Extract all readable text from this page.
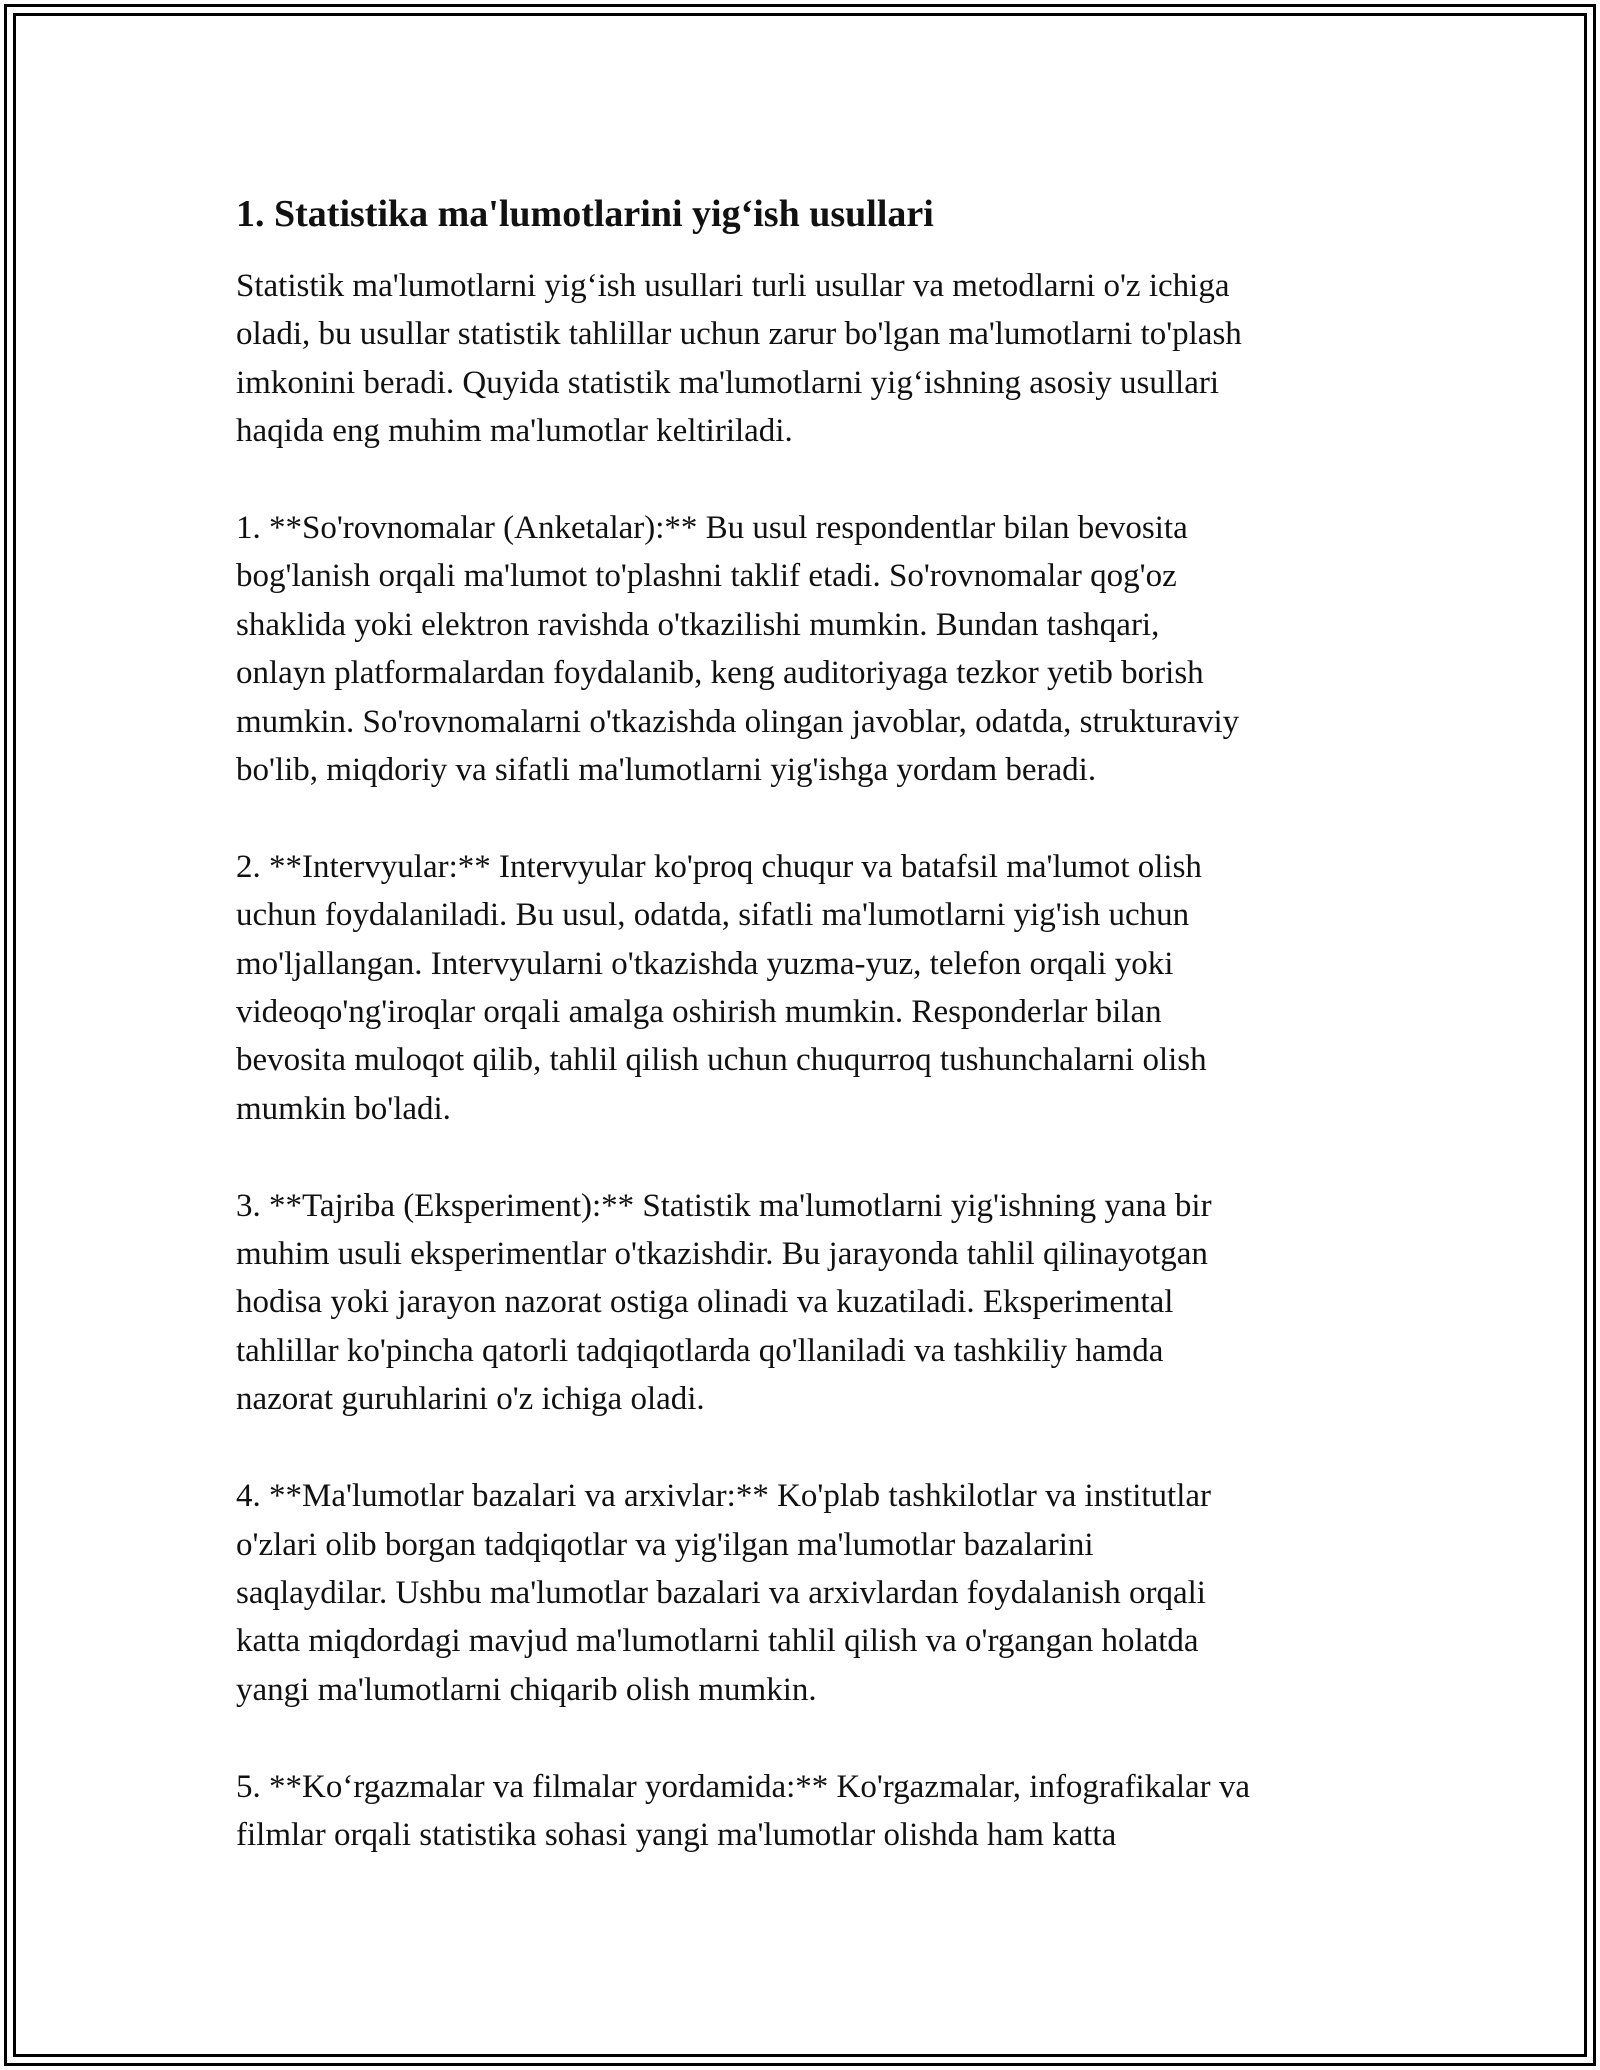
1. Statistika ma'lumotlarini yig‘ish usullari

Statistik ma'lumotlarni yig‘ish usullari turli usullar va metodlarni o'z ichiga
oladi, bu usullar statistik tahlillar uchun zarur bo'lgan ma'lumotlarni to'plash
imkonini beradi. Quyida statistik ma'lumotlarni yig‘ishning asosiy usullari
haqida eng muhim ma'lumotlar keltiriladi.

1. **So'rovnomalar (Anketalar):** Bu usul respondentlar bilan bevosita
bog'lanish orqali ma'lumot to'plashni taklif etadi. So'rovnomalar qog'oz
shaklida yoki elektron ravishda o'tkazilishi mumkin. Bundan tashqari,
onlayn platformalardan foydalanib, keng auditoriyaga tezkor yetib borish
mumkin. So'rovnomalarni o'tkazishda olingan javoblar, odatda, strukturaviy
bo'lib, miqdoriy va sifatli ma'lumotlarni yig'ishga yordam beradi.

2. **Intervyular:** Intervyular ko'proq chuqur va batafsil ma'lumot olish
uchun foydalaniladi. Bu usul, odatda, sifatli ma'lumotlarni yig'ish uchun
mo'ljallangan. Intervyularni o'tkazishda yuzma-yuz, telefon orqali yoki
videoqo'ng'iroqlar orqali amalga oshirish mumkin. Responderlar bilan
bevosita muloqot qilib, tahlil qilish uchun chuqurroq tushunchalarni olish
mumkin bo'ladi.

3. **Tajriba (Eksperiment):** Statistik ma'lumotlarni yig'ishning yana bir
muhim usuli eksperimentlar o'tkazishdir. Bu jarayonda tahlil qilinayotgan
hodisa yoki jarayon nazorat ostiga olinadi va kuzatiladi. Eksperimental
tahlillar ko'pincha qatorli tadqiqotlarda qo'llaniladi va tashkiliy hamda
nazorat guruhlarini o'z ichiga oladi.

4. **Ma'lumotlar bazalari va arxivlar:** Ko'plab tashkilotlar va institutlar
o'zlari olib borgan tadqiqotlar va yig'ilgan ma'lumotlar bazalarini
saqlaydilar. Ushbu ma'lumotlar bazalari va arxivlardan foydalanish orqali
katta miqdordagi mavjud ma'lumotlarni tahlil qilish va o'rgangan holatda
yangi ma'lumotlarni chiqarib olish mumkin.

5. **Ko‘rgazmalar va filmalar yordamida:** Ko'rgazmalar, infografikalar va
filmlar orqali statistika sohasi yangi ma'lumotlar olishda ham katta
